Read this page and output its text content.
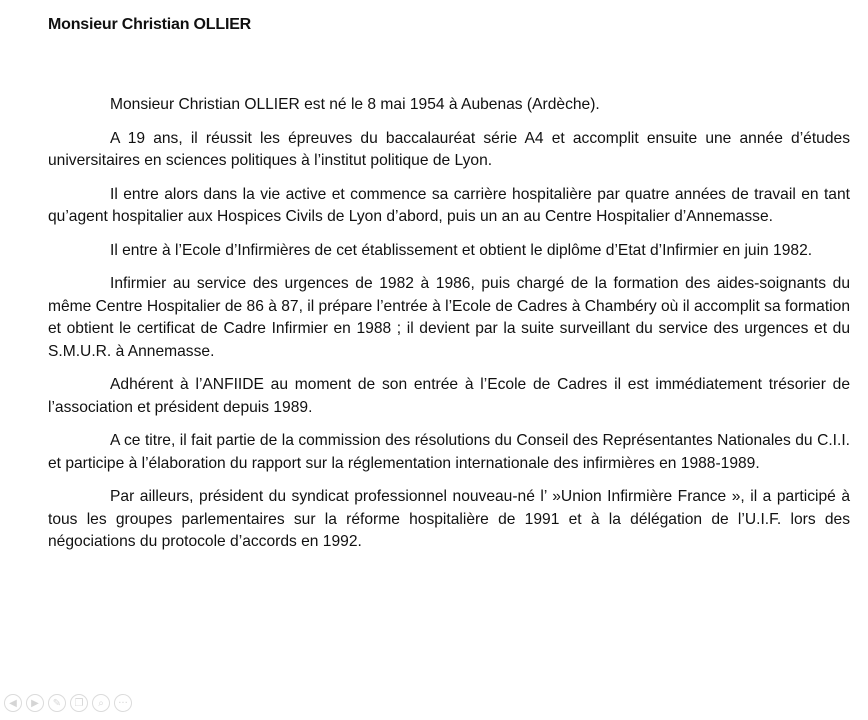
Monsieur Christian OLLIER

Monsieur Christian OLLIER est né le 8 mai 1954 à Aubenas (Ardèche).

A 19 ans, il réussit les épreuves du baccalauréat série A4 et accomplit ensuite une année d’études universitaires en sciences politiques à l’institut politique de Lyon.

Il entre alors dans la vie active et commence sa carrière hospitalière par quatre années de travail en tant qu’agent hospitalier aux Hospices Civils de Lyon d’abord, puis un an au Centre Hospitalier d’Annemasse.

Il entre à l’Ecole d’Infirmières de cet établissement et obtient le diplôme d’Etat d’Infirmier en juin 1982.

Infirmier au service des urgences de 1982 à 1986, puis chargé de la formation des aides-soignants du même Centre Hospitalier de 86 à 87, il prépare l’entrée à l’Ecole de Cadres à Chambéry où il accomplit sa formation et obtient le certificat de Cadre Infirmier en 1988 ; il devient par la suite surveillant du service des urgences et du S.M.U.R. à Annemasse.

Adhérent à l’ANFIIDE au moment de son entrée à l’Ecole de Cadres il est immédiatement trésorier de l’association et président depuis 1989.

A ce titre, il fait partie de la commission des résolutions du Conseil des Représentantes Nationales du C.I.I. et participe à l’élaboration du rapport sur la réglementation internationale des infirmières en 1988-1989.

Par ailleurs, président du syndicat professionnel nouveau-né l’ »Union Infirmière France », il a participé à tous les groupes parlementaires sur la réforme hospitalière de 1991 et à la délégation de l’U.I.F. lors des négociations du protocole d’accords en 1992.

◀	▶	✎	❐	⌕	···
